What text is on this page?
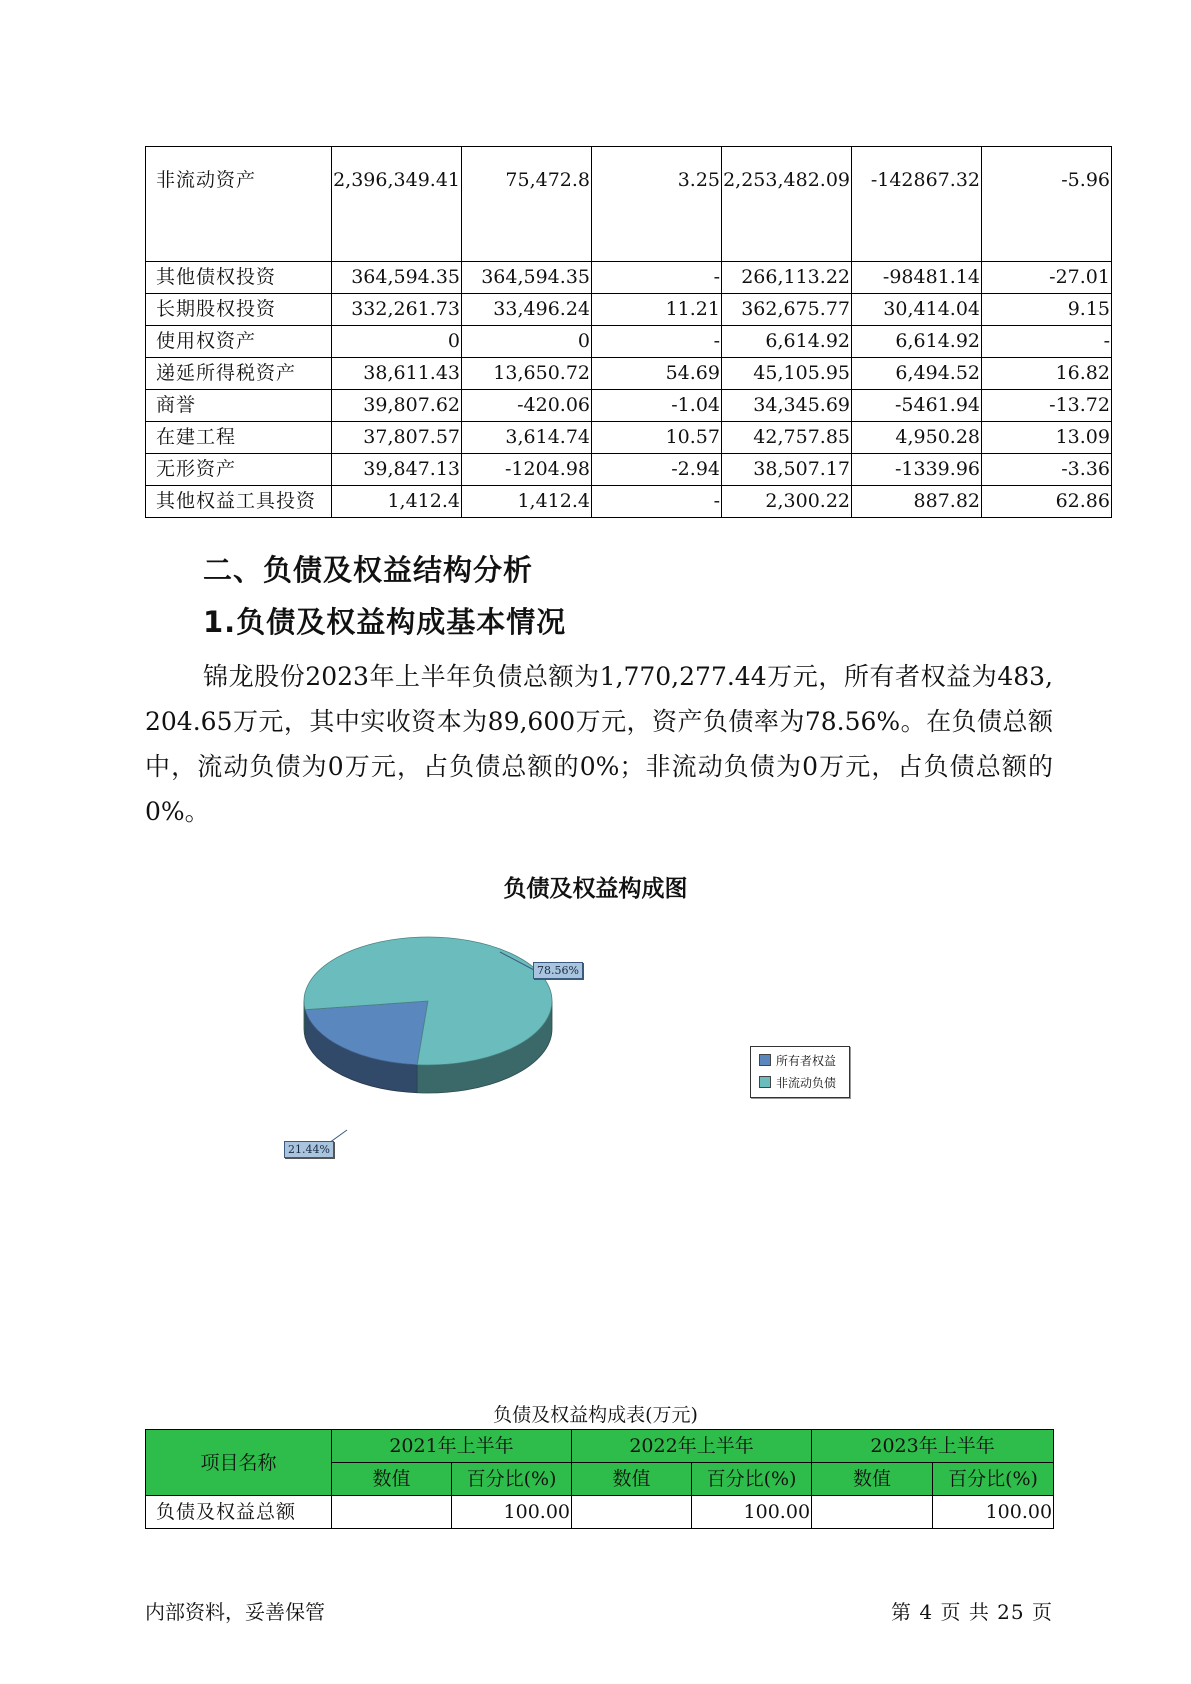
非流动资产	2,396,349.41	75,472.8	3.25	2,253,482.09	-142867.32	-5.96
其他债权投资	364,594.35	364,594.35	-	266,113.22	-98481.14	-27.01
长期股权投资	332,261.73	33,496.24	11.21	362,675.77	30,414.04	9.15
使用权资产	0	0	-	6,614.92	6,614.92	-
递延所得税资产	38,611.43	13,650.72	54.69	45,105.95	6,494.52	16.82
商誉	39,807.62	-420.06	-1.04	34,345.69	-5461.94	-13.72
在建工程	37,807.57	3,614.74	10.57	42,757.85	4,950.28	13.09
无形资产	39,847.13	-1204.98	-2.94	38,507.17	-1339.96	-3.36
其他权益工具投资	1,412.4	1,412.4	-	2,300.22	887.82	62.86
二、负债及权益结构分析
1.负债及权益构成基本情况

锦龙股份2023年上半年负债总额为1,770,277.44万元，所有者权益为483,204.65万元，其中实收资本为89,600万元，资产负债率为78.56%。在负债总额中，流动负债为0万元，占负债总额的0%；非流动负债为0万元，占负债总额的0%。

负债及权益构成图

所有者权益
非流动负债
78.56%
21.44%

负债及权益构成表(万元)

项目名称	2021年上半年		2022年上半年		2023年上半年	
	数值	百分比(%)	数值	百分比(%)	数值	百分比(%)
负债及权益总额		100.00		100.00		100.00

内部资料，妥善保管	第 4 页 共 25 页
